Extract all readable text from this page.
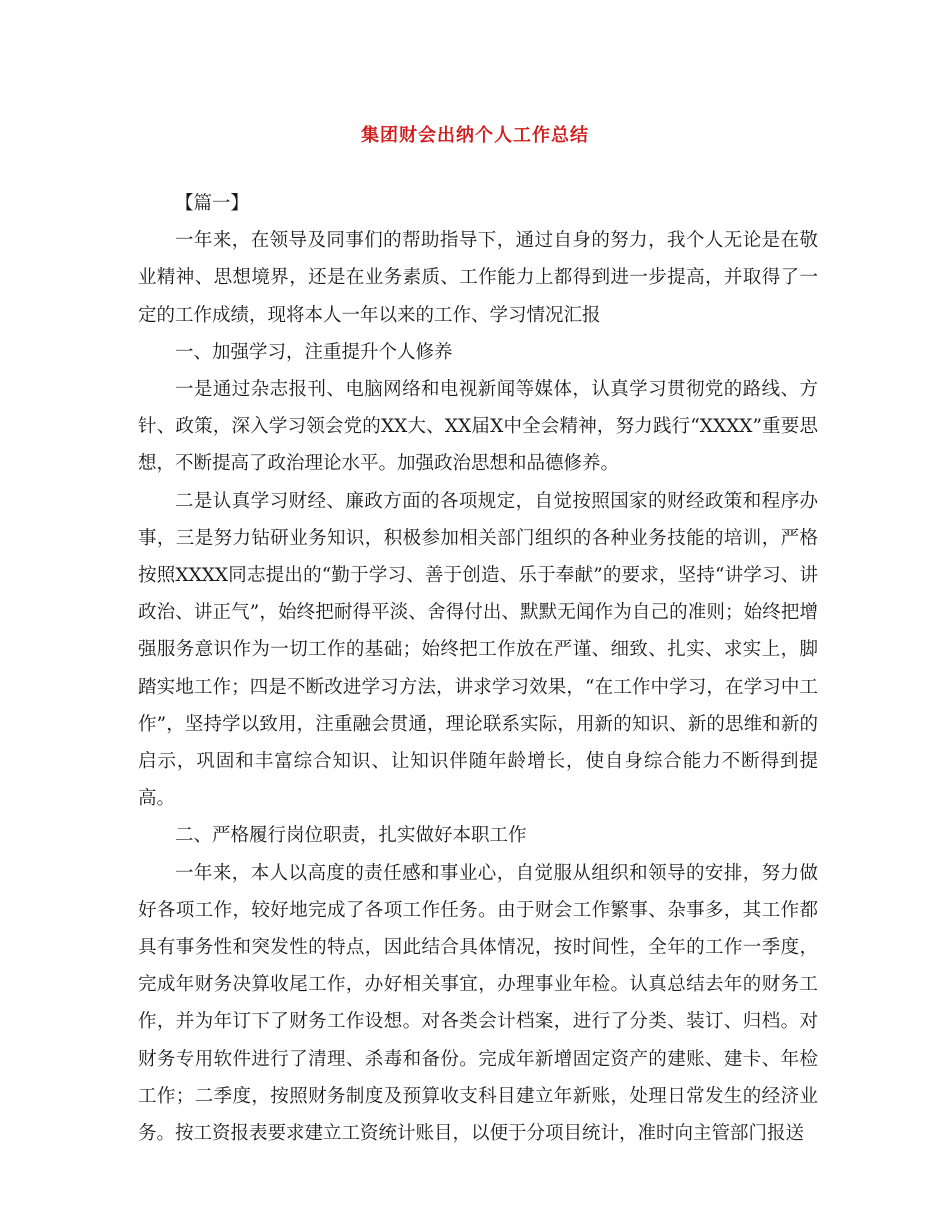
集团财会出纳个人工作总结

【篇一】

一年来，在领导及同事们的帮助指导下，通过自身的努力，我个人无论是在敬业精神、思想境界，还是在业务素质、工作能力上都得到进一步提高，并取得了一定的工作成绩，现将本人一年以来的工作、学习情况汇报

一、加强学习，注重提升个人修养

一是通过杂志报刊、电脑网络和电视新闻等媒体，认真学习贯彻党的路线、方针、政策，深入学习领会党的XX大、XX届X中全会精神，努力践行“XXXX”重要思想，不断提高了政治理论水平。加强政治思想和品德修养。

二是认真学习财经、廉政方面的各项规定，自觉按照国家的财经政策和程序办事，三是努力钻研业务知识，积极参加相关部门组织的各种业务技能的培训，严格按照XXXX同志提出的“勤于学习、善于创造、乐于奉献”的要求，坚持“讲学习、讲政治、讲正气”，始终把耐得平淡、舍得付出、默默无闻作为自己的准则；始终把增强服务意识作为一切工作的基础；始终把工作放在严谨、细致、扎实、求实上，脚踏实地工作；四是不断改进学习方法，讲求学习效果，“在工作中学习，在学习中工作”，坚持学以致用，注重融会贯通，理论联系实际，用新的知识、新的思维和新的启示，巩固和丰富综合知识、让知识伴随年龄增长，使自身综合能力不断得到提高。

二、严格履行岗位职责，扎实做好本职工作

一年来，本人以高度的责任感和事业心，自觉服从组织和领导的安排，努力做好各项工作，较好地完成了各项工作任务。由于财会工作繁事、杂事多，其工作都具有事务性和突发性的特点，因此结合具体情况，按时间性，全年的工作一季度，完成年财务决算收尾工作，办好相关事宜，办理事业年检。认真总结去年的财务工作，并为年订下了财务工作设想。对各类会计档案，进行了分类、装订、归档。对财务专用软件进行了清理、杀毒和备份。完成年新增固定资产的建账、建卡、年检工作；二季度，按照财务制度及预算收支科目建立年新账，处理日常发生的经济业务。按工资报表要求建立工资统计账目，以便于分项目统计，准时向主管部门报送
